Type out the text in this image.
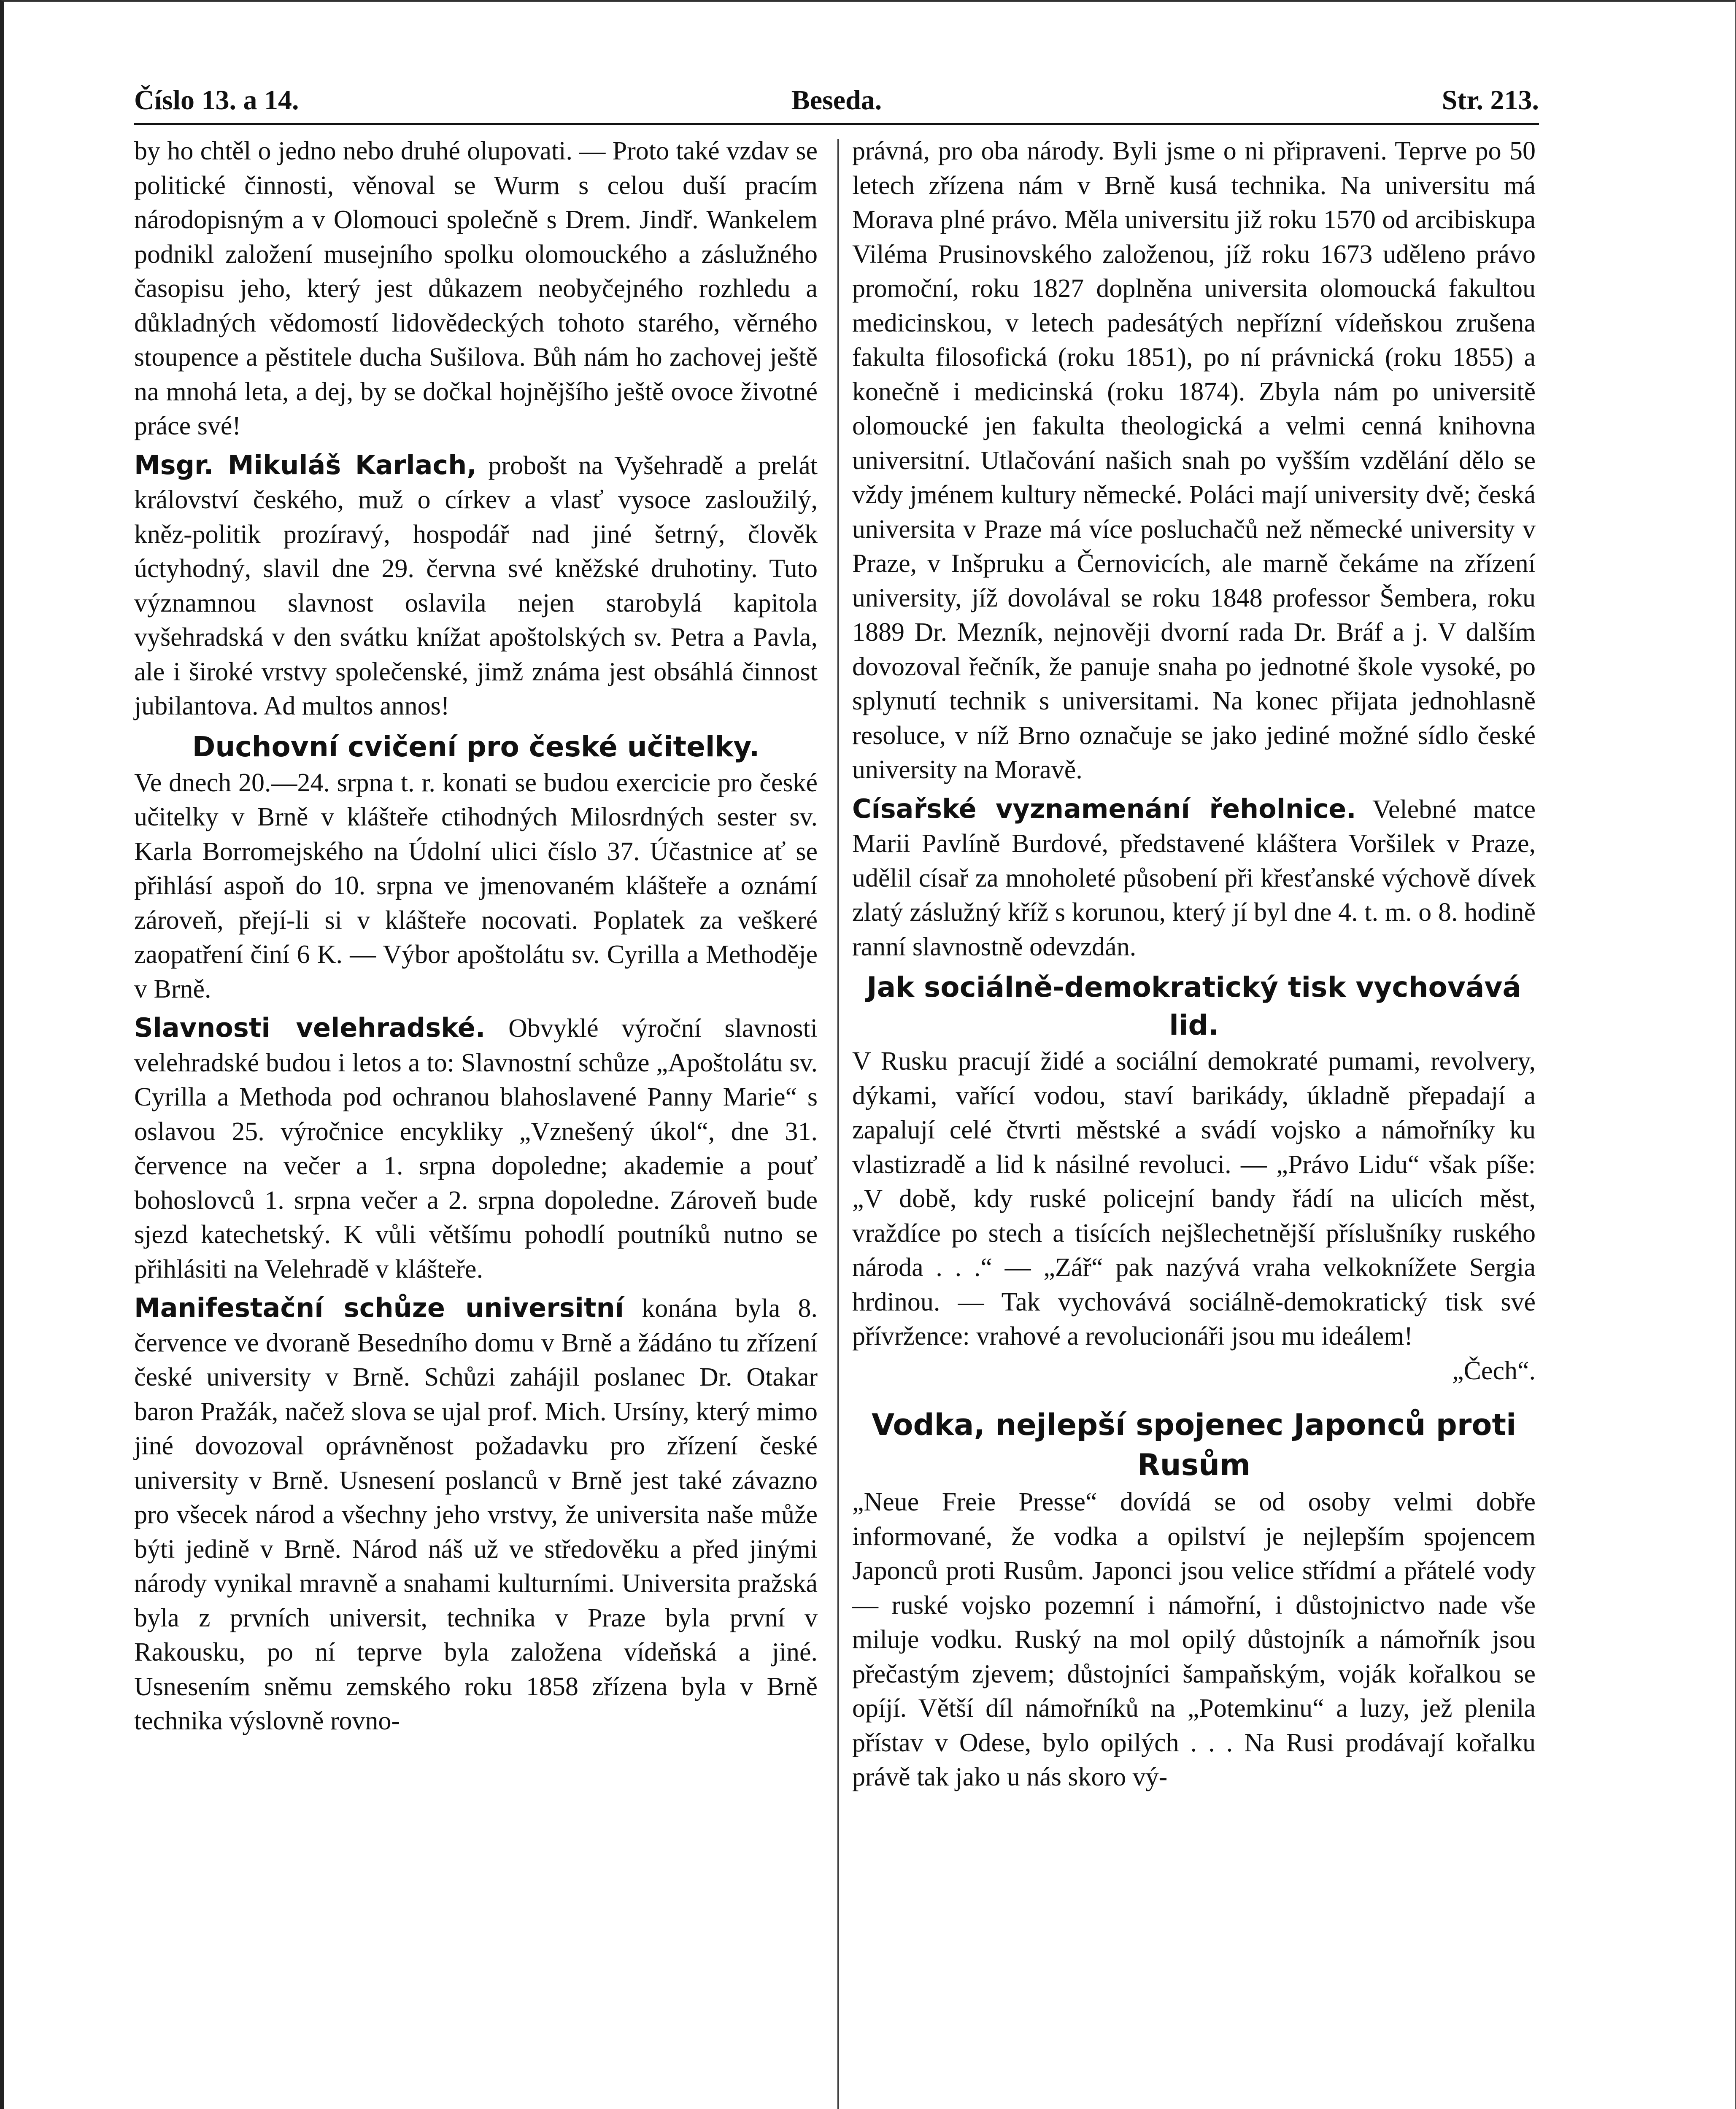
Číslo 13. a 14.	Beseda.	Str. 213.

by ho chtěl o jedno nebo druhé olupovati. — Proto také vzdav se politické činnosti, věnoval se Wurm s celou duší pracím národopisným a v Olomouci společně s Drem. Jindř. Wankelem podnikl založení musejního spolku olomouckého a záslužného časopisu jeho, který jest důkazem neobyčejného rozhledu a důkladných vědomostí lidovědeckých tohoto starého, věrného stoupence a pěstitele ducha Sušilova. Bůh nám ho zachovej ještě na mnohá leta, a dej, by se dočkal hojnějšího ještě ovoce životné práce své!

Msgr. Mikuláš Karlach, probošt na Vyšehradě a prelát království českého, muž o církev a vlasť vysoce zasloužilý, kněz-politik prozíravý, hospodář nad jiné šetrný, člověk úctyhodný, slavil dne 29. června své kněžské druhotiny. Tuto významnou slavnost oslavila nejen starobylá kapitola vyšehradská v den svátku knížat apoštolských sv. Petra a Pavla, ale i široké vrstvy společenské, jimž známa jest obsáhlá činnost jubilantova. Ad multos annos!

Duchovní cvičení pro české učitelky.

Ve dnech 20.—24. srpna t. r. konati se budou exercicie pro české učitelky v Brně v klášteře ctihodných Milosrdných sester sv. Karla Borromejského na Údolní ulici číslo 37. Účastnice ať se přihlásí aspoň do 10. srpna ve jmenovaném klášteře a oznámí zároveň, přejí-li si v klášteře nocovati. Poplatek za veškeré zaopatření činí 6 K. — Výbor apoštolátu sv. Cyrilla a Methoděje v Brně.

Slavnosti velehradské. Obvyklé výroční slavnosti velehradské budou i letos a to: Slavnostní schůze „Apoštolátu sv. Cyrilla a Methoda pod ochranou blahoslavené Panny Marie“ s oslavou 25. výročnice encykliky „Vznešený úkol“, dne 31. července na večer a 1. srpna dopoledne; akademie a pouť bohoslovců 1. srpna večer a 2. srpna dopoledne. Zároveň bude sjezd katechetský. K vůli většímu pohodlí poutníků nutno se přihlásiti na Velehradě v klášteře.

Manifestační schůze universitní konána byla 8. července ve dvoraně Besedního domu v Brně a žádáno tu zřízení české university v Brně. Schůzi zahájil poslanec Dr. Otakar baron Pražák, načež slova se ujal prof. Mich. Ursíny, který mimo jiné dovozoval oprávněnost požadavku pro zřízení české university v Brně. Usnesení poslanců v Brně jest také závazno pro všecek národ a všechny jeho vrstvy, že universita naše může býti jedině v Brně. Národ náš už ve středověku a před jinými národy vynikal mravně a snahami kulturními. Universita pražská byla z prvních universit, technika v Praze byla první v Rakousku, po ní teprve byla založena vídeňská a jiné. Usnesením sněmu zemského roku 1858 zřízena byla v Brně technika výslovně rovno-

právná, pro oba národy. Byli jsme o ni připraveni. Teprve po 50 letech zřízena nám v Brně kusá technika. Na universitu má Morava plné právo. Měla universitu již roku 1570 od arcibiskupa Viléma Prusinovského založenou, jíž roku 1673 uděleno právo promoční, roku 1827 doplněna universita olomoucká fakultou medicinskou, v letech padesátých nepřízní vídeňskou zrušena fakulta filosofická (roku 1851), po ní právnická (roku 1855) a konečně i medicinská (roku 1874). Zbyla nám po universitě olomoucké jen fakulta theologická a velmi cenná knihovna universitní. Utlačování našich snah po vyšším vzdělání dělo se vždy jménem kultury německé. Poláci mají university dvě; česká universita v Praze má více posluchačů než německé university v Praze, v Inšpruku a Černovicích, ale marně čekáme na zřízení university, jíž dovolával se roku 1848 professor Šembera, roku 1889 Dr. Mezník, nejnověji dvorní rada Dr. Bráf a j. V dalším dovozoval řečník, že panuje snaha po jednotné škole vysoké, po splynutí technik s universitami. Na konec přijata jednohlasně resoluce, v níž Brno označuje se jako jediné možné sídlo české university na Moravě.

Císařské vyznamenání řeholnice. Velebné matce Marii Pavlíně Burdové, představené kláštera Voršilek v Praze, udělil císař za mnoholeté působení při křesťanské výchově dívek zlatý záslužný kříž s korunou, který jí byl dne 4. t. m. o 8. hodině ranní slavnostně odevzdán.

Jak sociálně-demokratický tisk vychovává lid.

V Rusku pracují židé a sociální demokraté pumami, revolvery, dýkami, vařící vodou, staví barikády, úkladně přepadají a zapalují celé čtvrti městské a svádí vojsko a námořníky ku vlastizradě a lid k násilné revoluci. — „Právo Lidu“ však píše: „V době, kdy ruské policejní bandy řádí na ulicích měst, vraždíce po stech a tisících nejšlechetnější příslušníky ruského národa . . .“ — „Zář“ pak nazývá vraha velkoknížete Sergia hrdinou. — Tak vychovává sociálně-demokratický tisk své přívržence: vrahové a revolucionáři jsou mu ideálem!

„Čech“.
Vodka, nejlepší spojenec Japonců proti Rusům

„Neue Freie Presse“ dovídá se od osoby velmi dobře informované, že vodka a opilství je nejlepším spojencem Japonců proti Rusům. Japonci jsou velice střídmí a přátelé vody — ruské vojsko pozemní i námořní, i důstojnictvo nade vše miluje vodku. Ruský na mol opilý důstojník a námořník jsou přečastým zjevem; důstojníci šampaňským, voják kořalkou se opíjí. Větší díl námořníků na „Potemkinu“ a luzy, jež plenila přístav v Odese, bylo opilých . . . Na Rusi prodávají kořalku právě tak jako u nás skoro vý-
